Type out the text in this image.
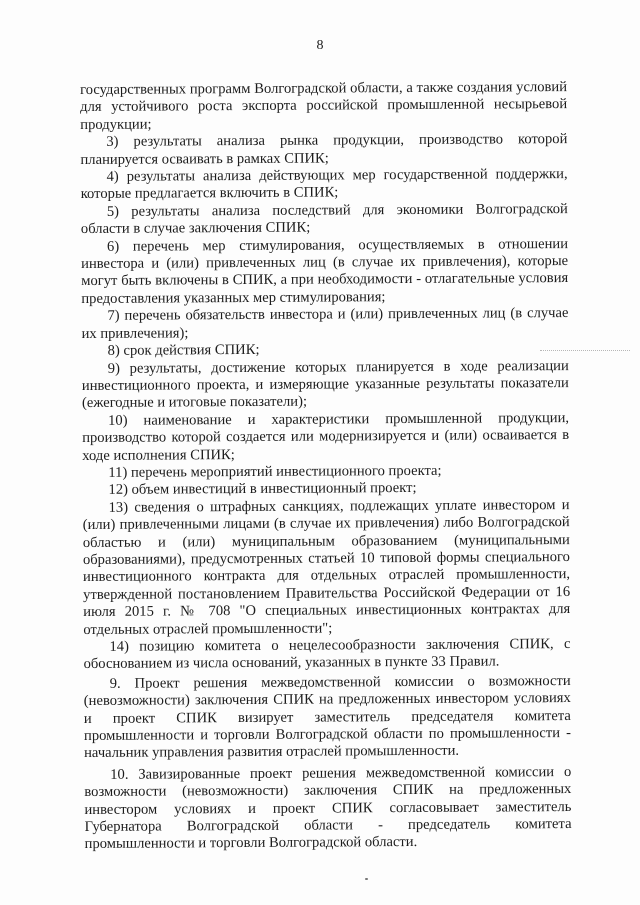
8

государственных программ Волгоградской области, а также создания условий для устойчивого роста экспорта российской промышленной несырьевой продукции;

3) результаты анализа рынка продукции, производство которой планируется осваивать в рамках СПИК;

4) результаты анализа действующих мер государственной поддержки, которые предлагается включить в СПИК;

5) результаты анализа последствий для экономики Волгоградской области в случае заключения СПИК;

6) перечень мер стимулирования, осуществляемых в отношении инвестора и (или) привлеченных лиц (в случае их привлечения), которые могут быть включены в СПИК, а при необходимости - отлагательные условия предоставления указанных мер стимулирования;

7) перечень обязательств инвестора и (или) привлеченных лиц (в случае их привлечения);

8) срок действия СПИК;

9) результаты, достижение которых планируется в ходе реализации инвестиционного проекта, и измеряющие указанные результаты показатели (ежегодные и итоговые показатели);

10) наименование и характеристики промышленной продукции, производство которой создается или модернизируется и (или) осваивается в ходе исполнения СПИК;

11) перечень мероприятий инвестиционного проекта;

12) объем инвестиций в инвестиционный проект;

13) сведения о штрафных санкциях, подлежащих уплате инвестором и (или) привлеченными лицами (в случае их привлечения) либо Волгоградской областью и (или) муниципальным образованием (муниципальными образованиями), предусмотренных статьей 10 типовой формы специального инвестиционного контракта для отдельных отраслей промышленности, утвержденной постановлением Правительства Российской Федерации от 16 июля 2015 г. № 708 "О специальных инвестиционных контрактах для отдельных отраслей промышленности";

14) позицию комитета о нецелесообразности заключения СПИК, с обоснованием из числа оснований, указанных в пункте 33 Правил.

9. Проект решения межведомственной комиссии о возможности (невозможности) заключения СПИК на предложенных инвестором условиях и проект СПИК визирует заместитель председателя комитета промышленности и торговли Волгоградской области по промышленности - начальник управления развития отраслей промышленности.

10. Завизированные проект решения межведомственной комиссии о возможности (невозможности) заключения СПИК на предложенных инвестором условиях и проект СПИК согласовывает заместитель Губернатора Волгоградской области - председатель комитета промышленности и торговли Волгоградской области.
